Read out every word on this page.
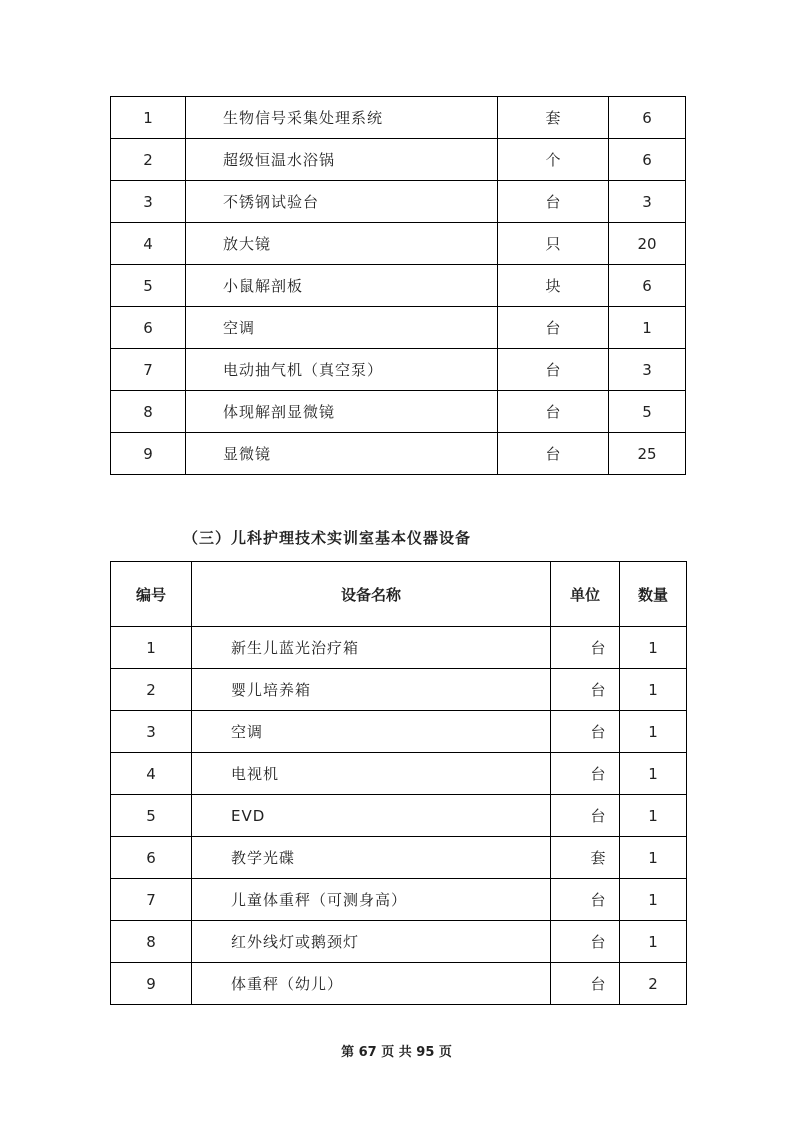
1	生物信号采集处理系统	套	6
2	超级恒温水浴锅	个	6
3	不锈钢试验台	台	3
4	放大镜	只	20
5	小鼠解剖板	块	6
6	空调	台	1
7	电动抽气机（真空泵）	台	3
8	体现解剖显微镜	台	5
9	显微镜	台	25
（三）儿科护理技术实训室基本仪器设备
编号	设备名称	单位	数量
1	新生儿蓝光治疗箱	台	1
2	婴儿培养箱	台	1
3	空调	台	1
4	电视机	台	1
5	EVD	台	1
6	教学光碟	套	1
7	儿童体重秤（可测身高）	台	1
8	红外线灯或鹅颈灯	台	1
9	体重秤（幼儿）	台	2
第 67 页 共 95 页
